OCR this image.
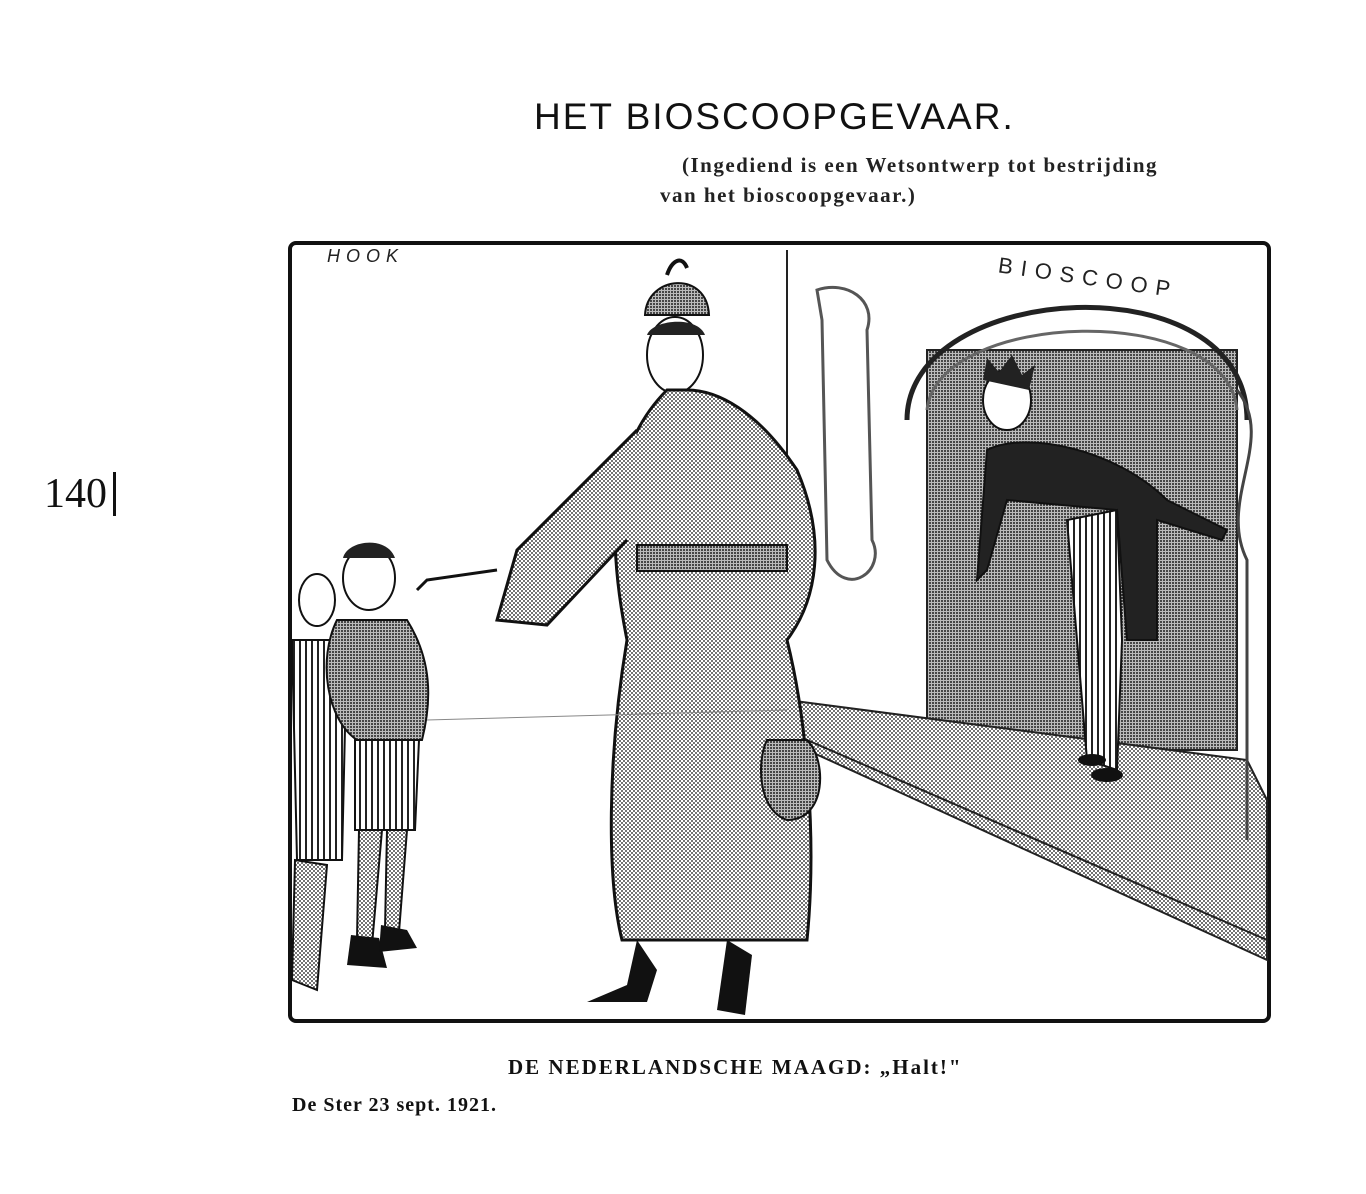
HET BIOSCOOPGEVAAR.
(Ingediend is een Wetsontwerp tot bestrijding
van het bioscoopgevaar.)
140
HOOK	BIOSCOOP
DE NEDERLANDSCHE MAAGD: „Halt!"
De Ster 23 sept. 1921.
